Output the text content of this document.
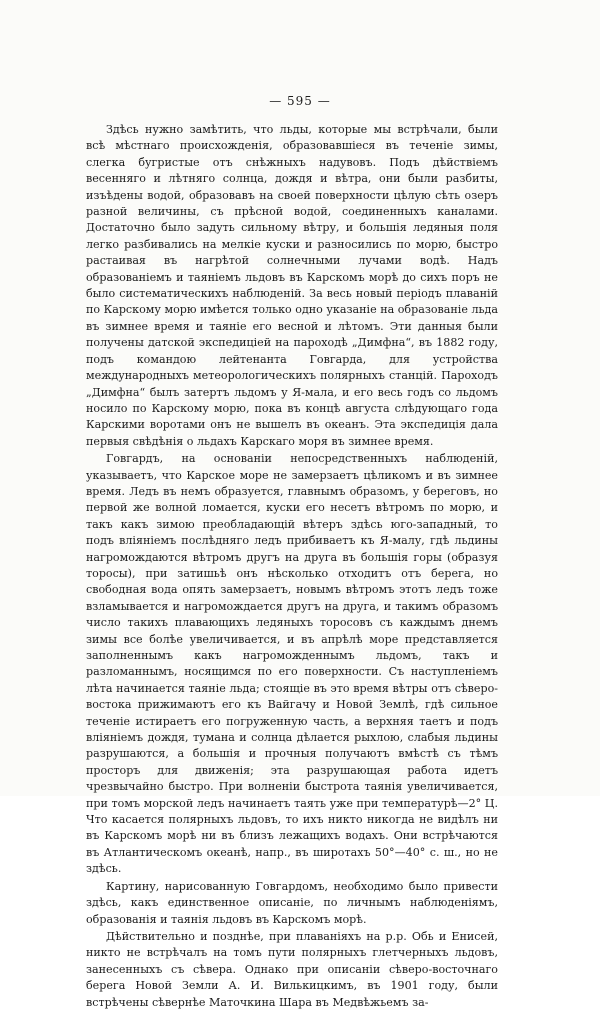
— 595 —

Здѣсь нужно замѣтить, что льды, которые мы встрѣчали, были всѣ мѣстнаго происхожденія, образовавшіеся въ теченіе зимы, слегка бугристые отъ снѣжныхъ надувовъ. Подъ дѣйствіемъ весенняго и лѣтняго солнца, дождя и вѣтра, они были разбиты, изъѣдены водой, образовавъ на своей поверхности цѣлую сѣть озеръ разной величины, съ прѣсной водой, соединенныхъ каналами. Достаточно было задуть сильному вѣтру, и большія ледяныя поля легко разбивались на мелкіе куски и разносились по морю, быстро растаивая въ нагрѣтой солнечными лучами водѣ. Надъ образованіемъ и таяніемъ льдовъ въ Карскомъ морѣ до сихъ поръ не было систематическихъ наблюденій. За весь новый періодъ плаваній по Карскому морю имѣется только одно указаніе на образованіе льда въ зимнее время и таяніе его весной и лѣтомъ. Эти данныя были получены датской экспедиціей на пароходѣ „Димфна“, въ 1882 году, подъ командою лейтенанта Говгарда, для устройства международныхъ метеорологическихъ полярныхъ станцій. Пароходъ „Димфна“ былъ затертъ льдомъ у Я-мала, и его весь годъ со льдомъ носило по Карскому морю, пока въ концѣ августа слѣдующаго года Карскими воротами онъ не вышелъ въ океанъ. Эта экспедиція дала первыя свѣдѣнія о льдахъ Карскаго моря въ зимнее время.

Говгардъ, на основаніи непосредственныхъ наблюденій, указываетъ, что Карское море не замерзаетъ цѣликомъ и въ зимнее время. Ледъ въ немъ образуется, главнымъ образомъ, у береговъ, но первой же волной ломается, куски его несетъ вѣтромъ по морю, и такъ какъ зимою преобладающій вѣтеръ здѣсь юго-западный, то подъ вліяніемъ послѣдняго ледъ прибиваетъ къ Я-малу, гдѣ льдины нагромождаются вѣтромъ другъ на друга въ большія горы (образуя торосы), при затишьѣ онъ нѣсколько отходитъ отъ берега, но свободная вода опять замерзаетъ, новымъ вѣтромъ этотъ ледъ тоже взламывается и нагромождается другъ на друга, и такимъ образомъ число такихъ плавающихъ ледяныхъ торосовъ съ каждымъ днемъ зимы все болѣе увеличивается, и въ апрѣлѣ море представляется заполненнымъ какъ нагроможденнымъ льдомъ, такъ и разломаннымъ, носящимся по его поверхности. Съ наступленіемъ лѣта начинается таяніе льда; стоящіе въ это время вѣтры отъ сѣверо-востока прижимаютъ его къ Вайгачу и Новой Землѣ, гдѣ сильное теченіе истираетъ его погруженную часть, а верхняя таетъ и подъ вліяніемъ дождя, тумана и солнца дѣлается рыхлою, слабыя льдины разрушаются, а большія и прочныя получаютъ вмѣстѣ съ тѣмъ просторъ для движенія; эта разрушающая работа идетъ чрезвычайно быстро. При волненіи быстрота таянія увеличивается, при томъ морской ледъ начинаетъ таять уже при температурѣ—2° Ц. Что касается полярныхъ льдовъ, то ихъ никто никогда не видѣлъ ни въ Карскомъ морѣ ни въ близъ лежащихъ водахъ. Они встрѣчаются въ Атлантическомъ океанѣ, напр., въ широтахъ 50°—40° с. ш., но не здѣсь.

Картину, нарисованную Говгардомъ, необходимо было привести здѣсь, какъ единственное описаніе, по личнымъ наблюденіямъ, образованія и таянія льдовъ въ Карскомъ морѣ.

Дѣйствительно и позднѣе, при плаваніяхъ на р.р. Обь и Енисей, никто не встрѣчалъ на томъ пути полярныхъ глетчерныхъ льдовъ, занесенныхъ съ сѣвера. Однако при описаніи сѣверо-восточнаго берега Новой Земли А. И. Вилькицкимъ, въ 1901 году, были встрѣчены сѣвернѣе Маточкина Шара въ Медвѣжьемъ за-
